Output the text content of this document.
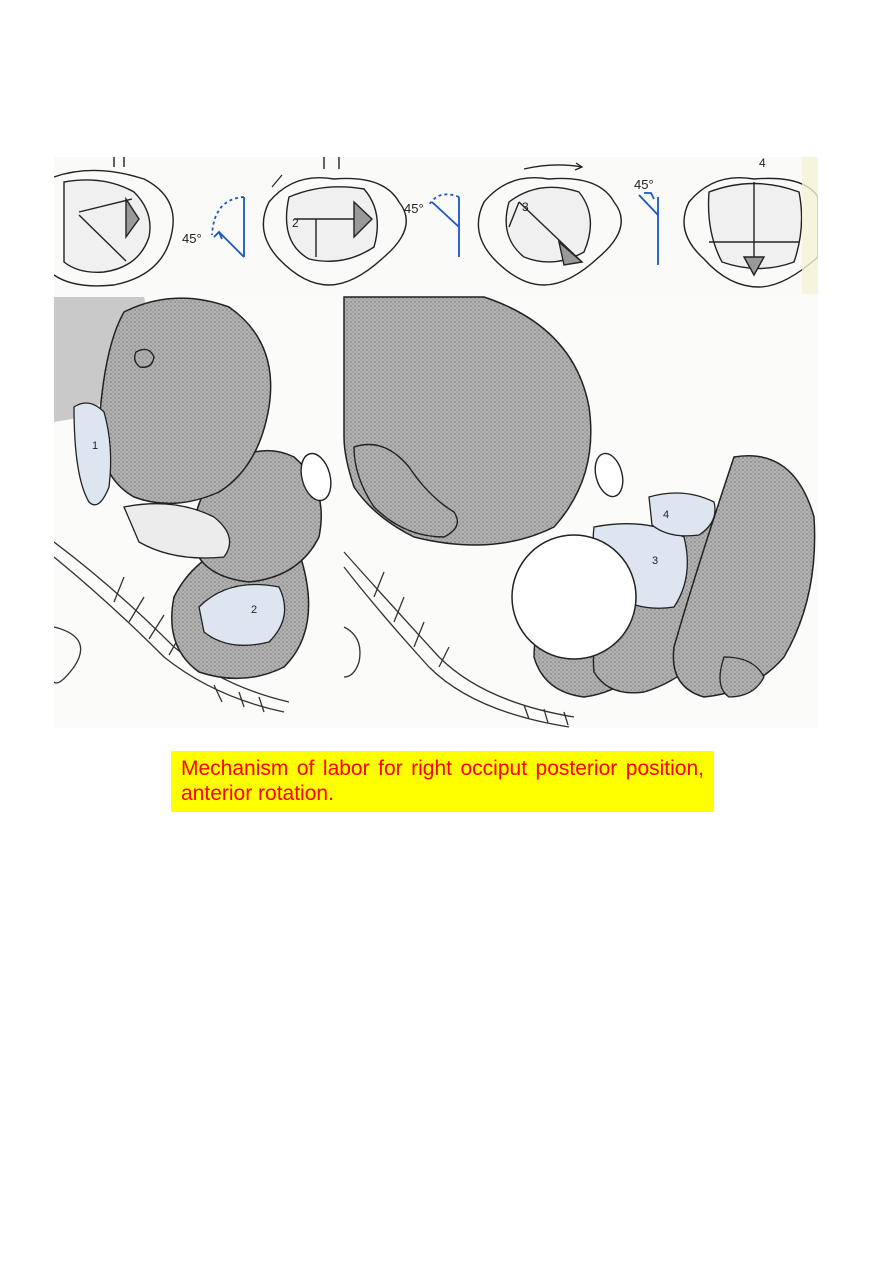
45°
2
45°	3
45°
4
1
2
3
4
Mechanism of labor for right occiput posterior position, anterior rotation.
